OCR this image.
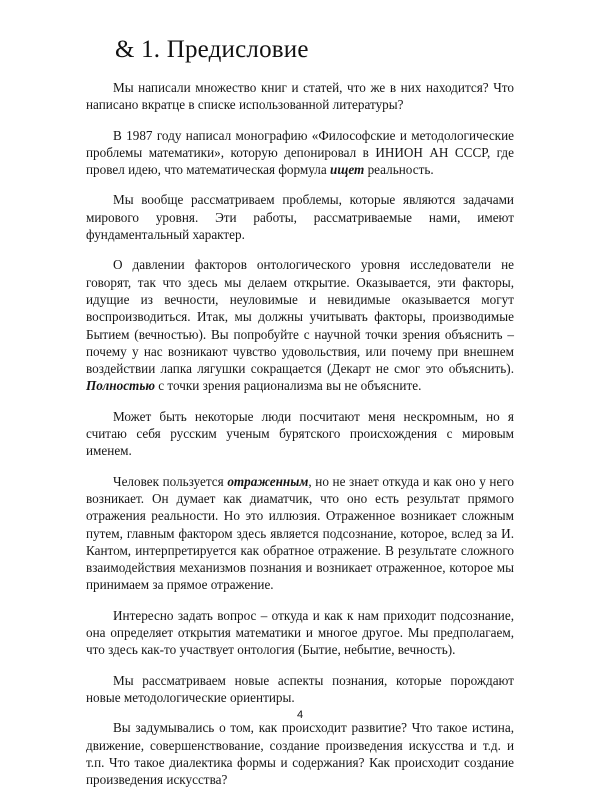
& 1. Предисловие

Мы написали множество книг и статей, что же в них находится? Что написано вкратце в списке использованной литературы?

В 1987 году написал монографию «Философские и методологические проблемы математики», которую депонировал в ИНИОН АН СССР, где провел идею, что математическая формула ищет реальность.

Мы вообще рассматриваем проблемы, которые являются задачами мирового уровня. Эти работы, рассматриваемые нами, имеют фундаментальный характер.

О давлении факторов онтологического уровня исследователи не говорят, так что здесь мы делаем открытие. Оказывается, эти факторы, идущие из вечности, неуловимые и невидимые оказывается могут воспроизводиться. Итак, мы должны учитывать факторы, производимые Бытием (вечностью). Вы попробуйте с научной точки зрения объяснить – почему у нас возникают чувство удовольствия, или почему при внешнем воздействии лапка лягушки сокращается (Декарт не смог это объяснить). Полностью с точки зрения рационализма вы не объясните.

Может быть некоторые люди посчитают меня нескромным, но я считаю себя русским ученым бурятского происхождения с мировым именем.

Человек пользуется отраженным, но не знает откуда и как оно у него возникает. Он думает как диаматчик, что оно есть результат прямого отражения реальности. Но это иллюзия. Отраженное возникает сложным путем, главным фактором здесь является подсознание, которое, вслед за И. Кантом, интерпретируется как обратное отражение. В результате сложного взаимодействия механизмов познания и возникает отраженное, которое мы принимаем за прямое отражение.

Интересно задать вопрос – откуда и как к нам приходит подсознание, она определяет открытия математики и многое другое. Мы предполагаем, что здесь как-то участвует онтология (Бытие, небытие, вечность).

Мы рассматриваем новые аспекты познания, которые порождают новые методологические ориентиры.

Вы задумывались о том, как происходит развитие? Что такое истина, движение, совершенствование, создание произведения искусства и т.д. и т.п. Что такое диалектика формы и содержания? Как происходит создание произведения искусства?

4
